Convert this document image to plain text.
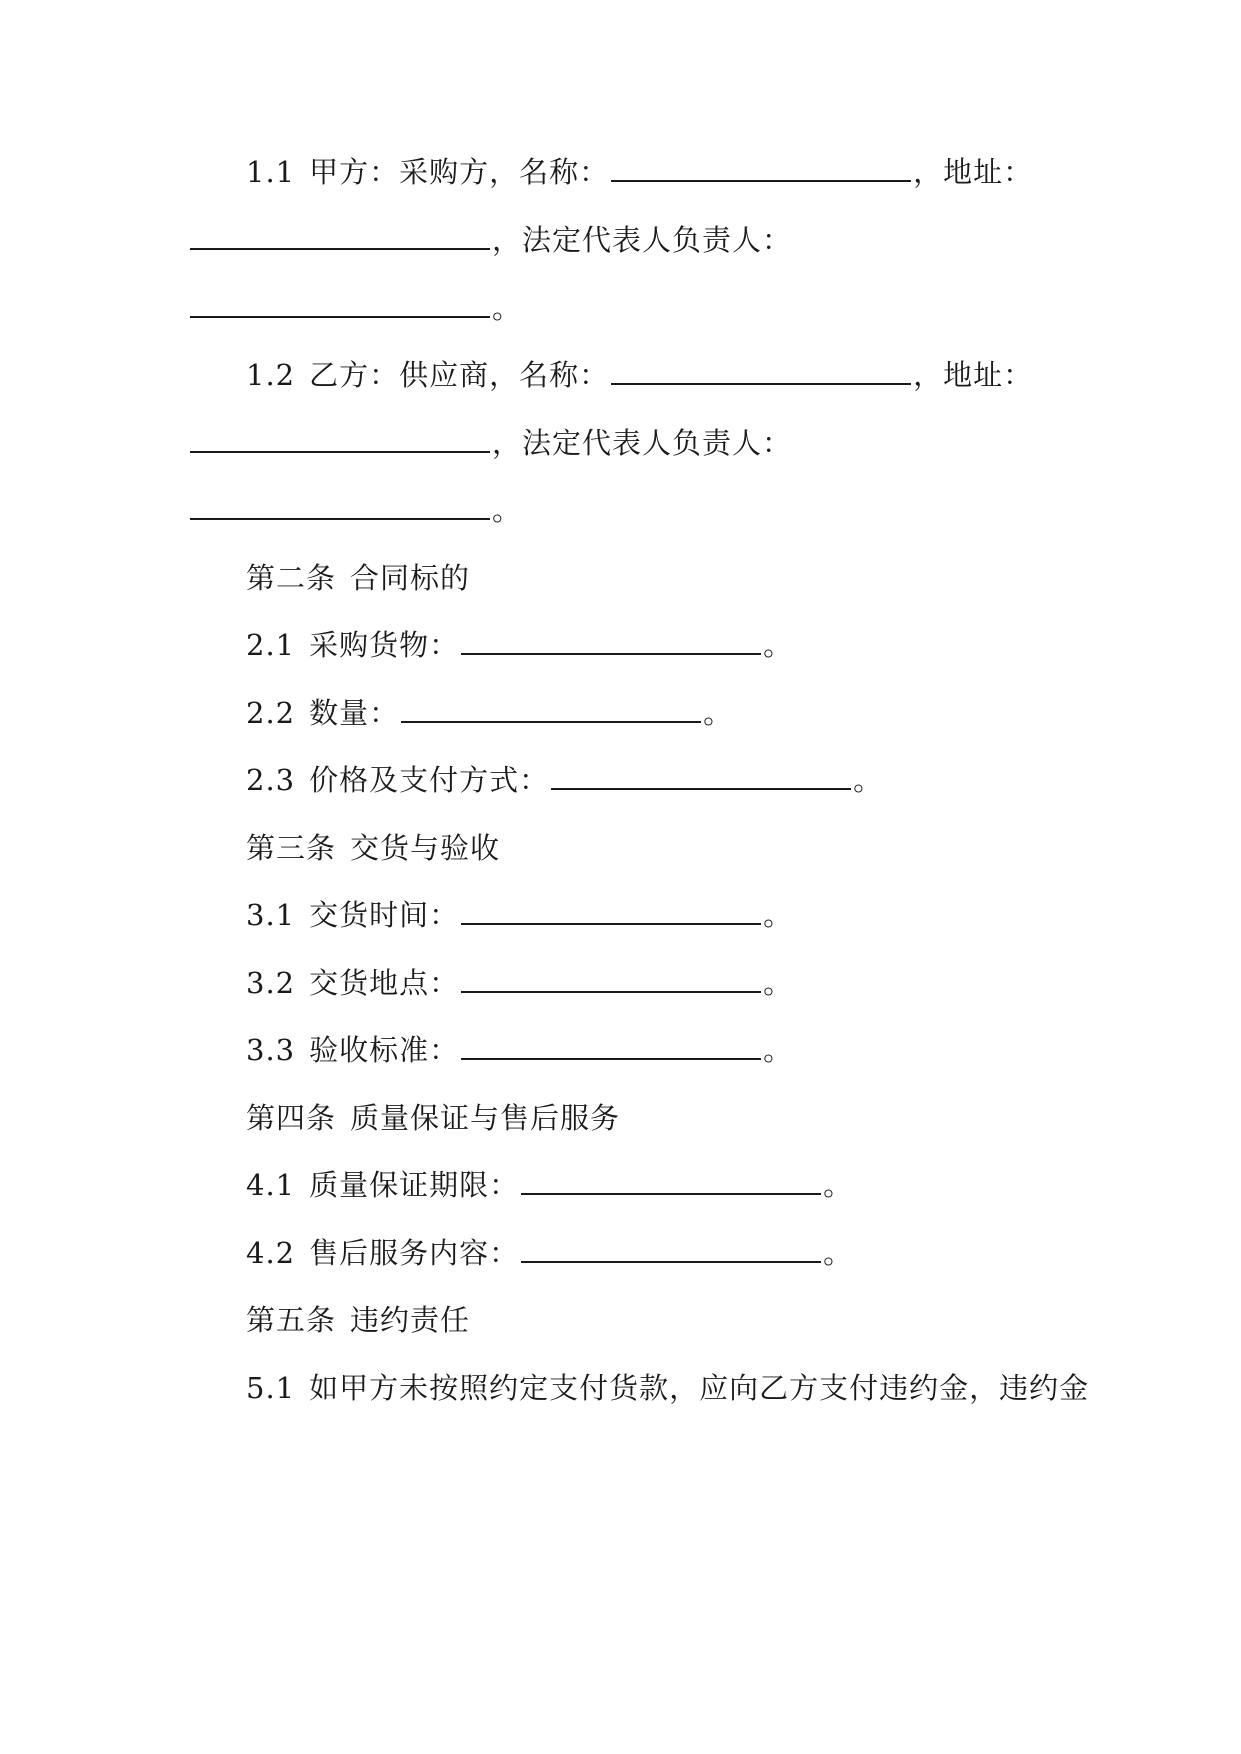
1.1 甲方：采购方，名称：	，地址：
，法定代表人负责人：
。
1.2 乙方：供应商，名称：	，地址：
，法定代表人负责人：
。
第二条 合同标的
2.1 采购货物：	。
2.2 数量：	。
2.3 价格及支付方式：	。
第三条 交货与验收
3.1 交货时间：	。
3.2 交货地点：	。
3.3 验收标准：	。
第四条 质量保证与售后服务
4.1 质量保证期限：	。
4.2 售后服务内容：	。
第五条 违约责任
5.1 如甲方未按照约定支付货款，应向乙方支付违约金，违约金
